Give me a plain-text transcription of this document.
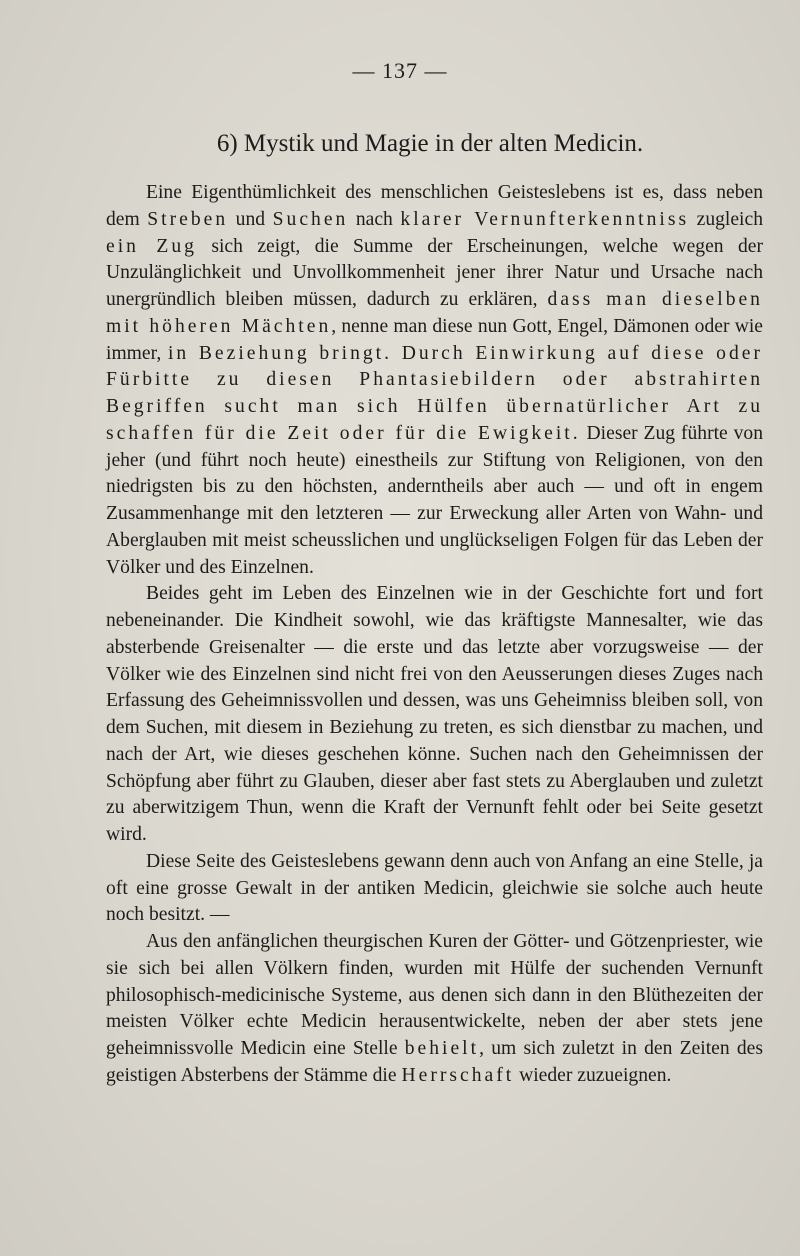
— 137 —
6) Mystik und Magie in der alten Medicin.

Eine Eigenthümlichkeit des menschlichen Geisteslebens ist es, dass neben dem Streben und Suchen nach klarer Vernunfterkenntniss zugleich ein Zug sich zeigt, die Summe der Erscheinungen, welche wegen der Unzulänglichkeit und Unvollkommenheit jener ihrer Natur und Ursache nach unergründlich bleiben müssen, dadurch zu erklären, dass man dieselben mit höheren Mächten, nenne man diese nun Gott, Engel, Dämonen oder wie immer, in Beziehung bringt. Durch Einwirkung auf diese oder Fürbitte zu diesen Phantasiebildern oder abstrahirten Begriffen sucht man sich Hülfen übernatürlicher Art zu schaffen für die Zeit oder für die Ewigkeit. Dieser Zug führte von jeher (und führt noch heute) einestheils zur Stiftung von Religionen, von den niedrigsten bis zu den höchsten, anderntheils aber auch — und oft in engem Zusammenhange mit den letzteren — zur Erweckung aller Arten von Wahn- und Aberglauben mit meist scheusslichen und unglückseligen Folgen für das Leben der Völker und des Einzelnen.

Beides geht im Leben des Einzelnen wie in der Geschichte fort und fort nebeneinander. Die Kindheit sowohl, wie das kräftigste Mannesalter, wie das absterbende Greisenalter — die erste und das letzte aber vorzugsweise — der Völker wie des Einzelnen sind nicht frei von den Aeusserungen dieses Zuges nach Erfassung des Geheimnissvollen und dessen, was uns Geheimniss bleiben soll, von dem Suchen, mit diesem in Beziehung zu treten, es sich dienstbar zu machen, und nach der Art, wie dieses geschehen könne. Suchen nach den Geheimnissen der Schöpfung aber führt zu Glauben, dieser aber fast stets zu Aberglauben und zuletzt zu aberwitzigem Thun, wenn die Kraft der Vernunft fehlt oder bei Seite gesetzt wird.

Diese Seite des Geisteslebens gewann denn auch von Anfang an eine Stelle, ja oft eine grosse Gewalt in der antiken Medicin, gleichwie sie solche auch heute noch besitzt. —

Aus den anfänglichen theurgischen Kuren der Götter- und Götzenpriester, wie sie sich bei allen Völkern finden, wurden mit Hülfe der suchenden Vernunft philosophisch-medicinische Systeme, aus denen sich dann in den Blüthezeiten der meisten Völker echte Medicin herausentwickelte, neben der aber stets jene geheimnissvolle Medicin eine Stelle behielt, um sich zuletzt in den Zeiten des geistigen Absterbens der Stämme die Herrschaft wieder zuzueignen.
